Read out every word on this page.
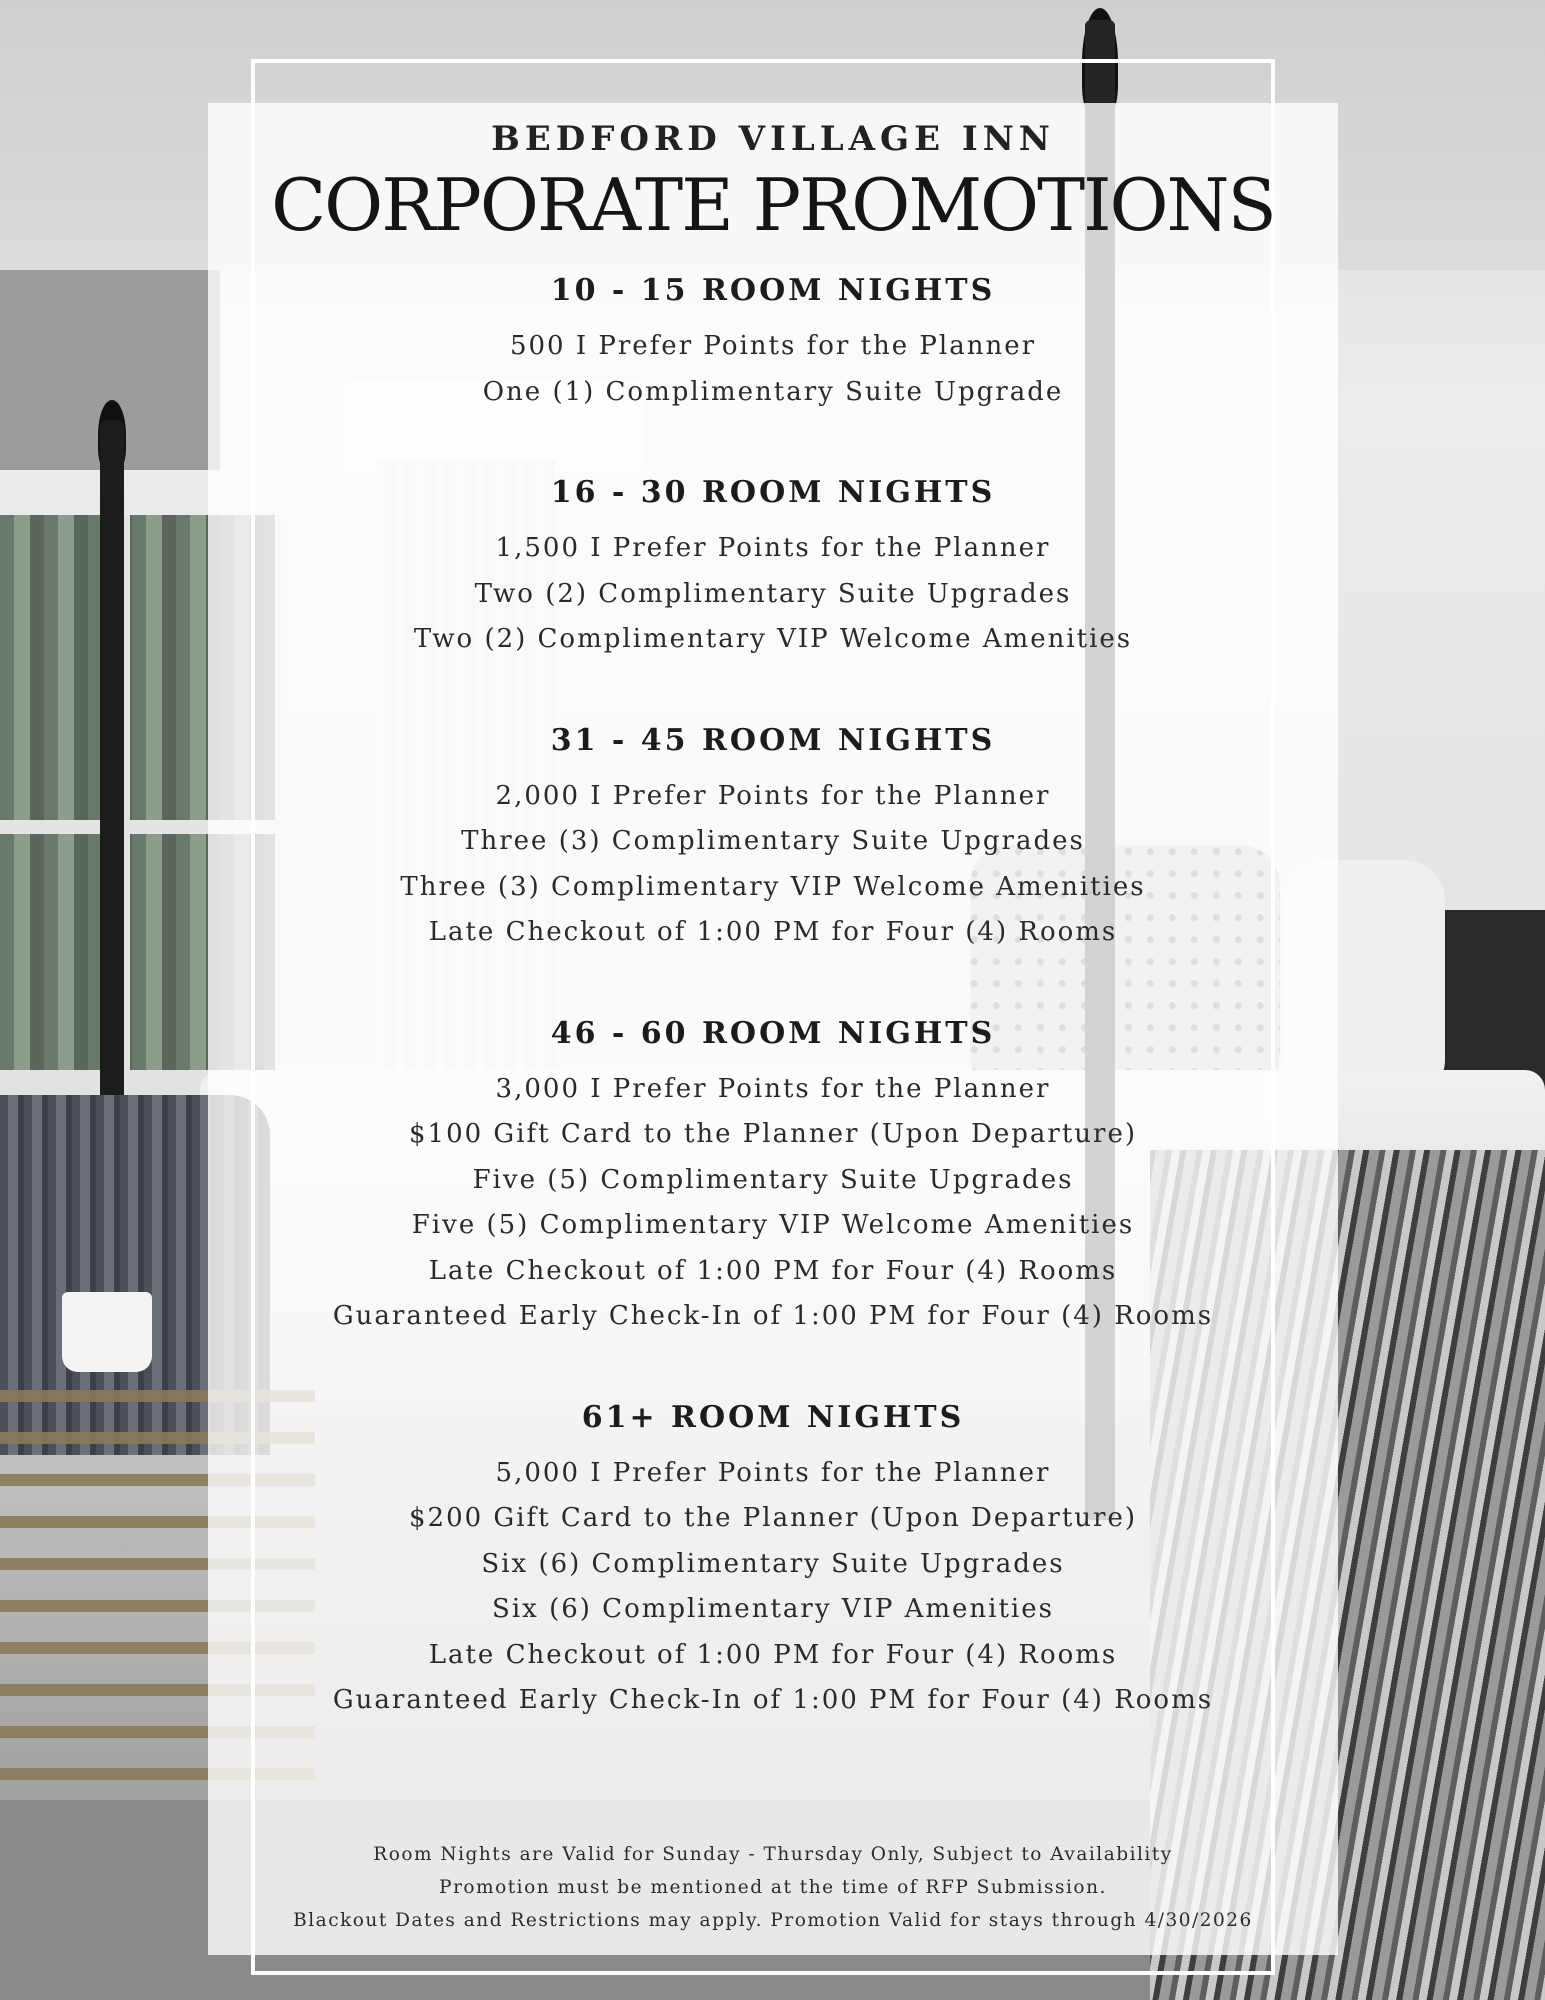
BEDFORD VILLAGE INN
CORPORATE PROMOTIONS
10 - 15 ROOM NIGHTS
500 I Prefer Points for the Planner
One (1) Complimentary Suite Upgrade
16 - 30 ROOM NIGHTS
1,500 I Prefer Points for the Planner
Two (2) Complimentary Suite Upgrades
Two (2) Complimentary VIP Welcome Amenities
31 - 45 ROOM NIGHTS
2,000 I Prefer Points for the Planner
Three (3) Complimentary Suite Upgrades
Three (3) Complimentary VIP Welcome Amenities
Late Checkout of 1:00 PM for Four (4) Rooms
46 - 60 ROOM NIGHTS
3,000 I Prefer Points for the Planner
$100 Gift Card to the Planner (Upon Departure)
Five (5) Complimentary Suite Upgrades
Five (5) Complimentary VIP Welcome Amenities
Late Checkout of 1:00 PM for Four (4) Rooms
Guaranteed Early Check-In of 1:00 PM for Four (4) Rooms
61+ ROOM NIGHTS
5,000 I Prefer Points for the Planner
$200 Gift Card to the Planner (Upon Departure)
Six (6) Complimentary Suite Upgrades
Six (6) Complimentary VIP Amenities
Late Checkout of 1:00 PM for Four (4) Rooms
Guaranteed Early Check-In of 1:00 PM for Four (4) Rooms

Room Nights are Valid for Sunday - Thursday Only, Subject to Availability

Promotion must be mentioned at the time of RFP Submission.

Blackout Dates and Restrictions may apply. Promotion Valid for stays through 4/30/2026
